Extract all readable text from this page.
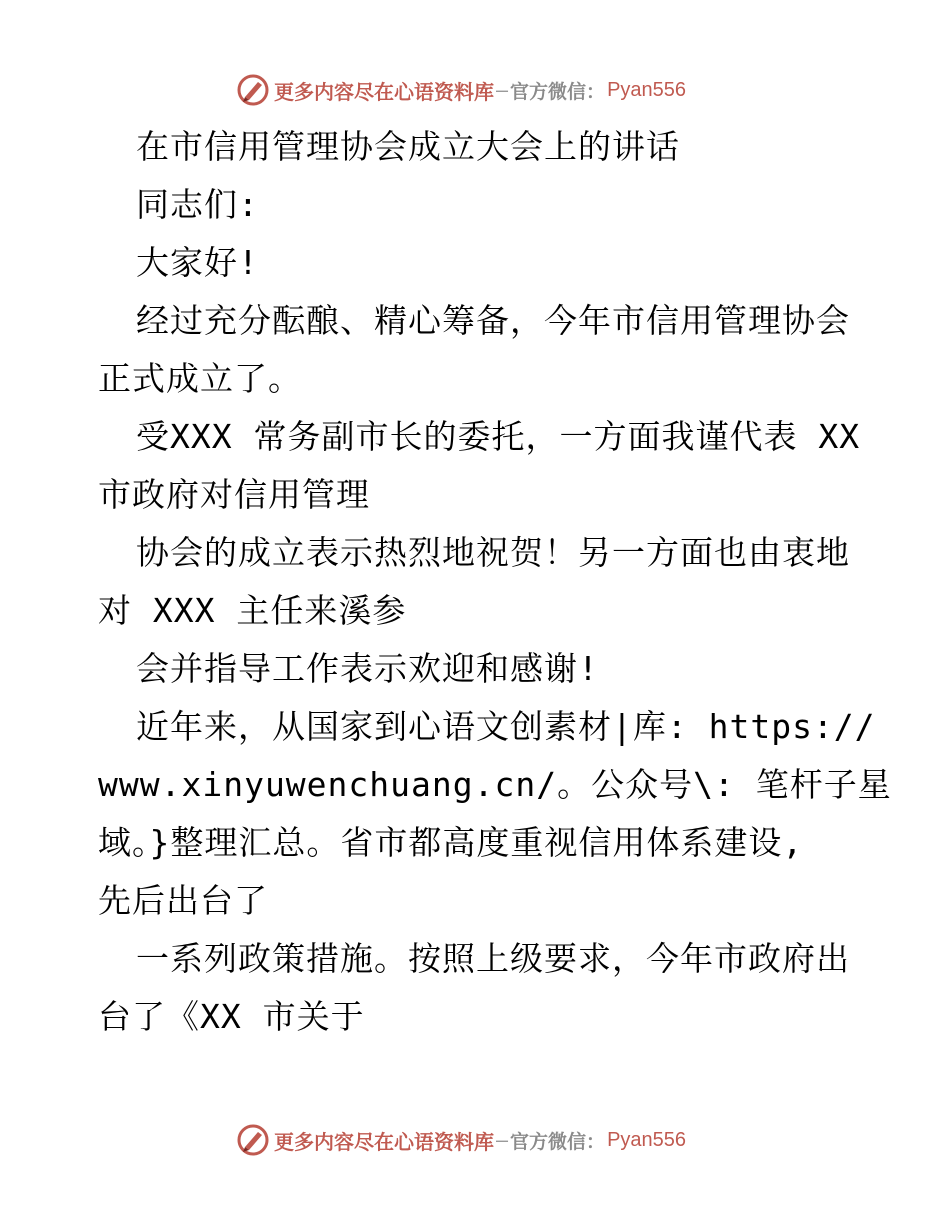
更多内容尽在心语资料库 — 官方微信： Pyan556
在市信用管理协会成立大会上的讲话
同志们:
大家好!
经过充分酝酿、精心筹备，今年市信用管理协会
正式成立了。
受XXX 常务副市长的委托，一方面我谨代表 XX
市政府对信用管理
协会的成立表示热烈地祝贺！另一方面也由衷地
对 XXX 主任来溪参
会并指导工作表示欢迎和感谢!
近年来，从国家到心语文创素材|库: https://
www.xinyuwenchuang.cn/。公众号\: 笔杆子星
域。}整理汇总。省市都高度重视信用体系建设,
先后出台了
一系列政策措施。按照上级要求，今年市政府出
台了《XX 市关于
更多内容尽在心语资料库 — 官方微信： Pyan556
